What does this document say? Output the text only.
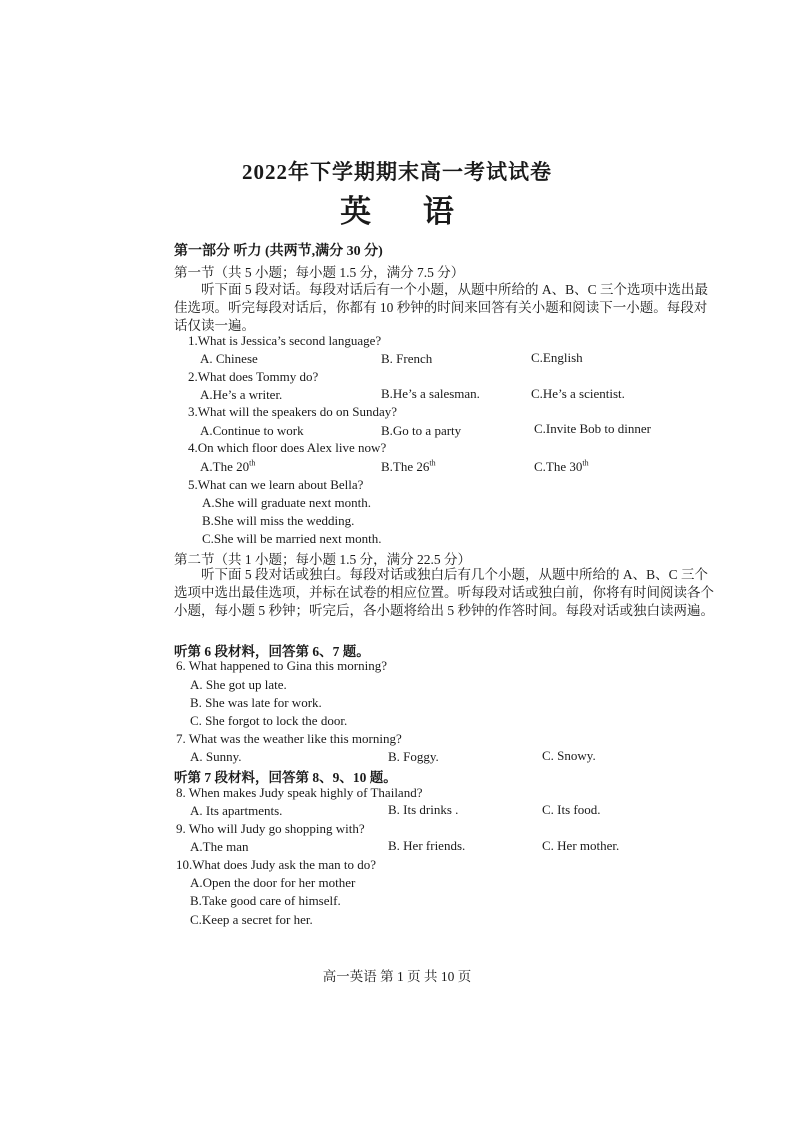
2022年下学期期末高一考试试卷
英 语
第一部分 听力 (共两节,满分 30 分)
第一节（共 5 小题；每小题 1.5 分，满分 7.5 分）
听下面 5 段对话。每段对话后有一个小题，从题中所给的 A、B、C 三个选项中选出最佳选项。听完每段对话后，你都有 10 秒钟的时间来回答有关小题和阅读下一小题。每段对话仅读一遍。
1.What is Jessica’s second language?
A. Chinese	B. French	C.English
2.What does Tommy do?
A.He’s a writer.	B.He’s a salesman.	C.He’s a scientist.
3.What will the speakers do on Sunday?
A.Continue to work	B.Go to a party	C.Invite Bob to dinner
4.On which floor does Alex live now?
A.The 20th	B.The 26th	C.The 30th
5.What can we learn about Bella?
A.She will graduate next month.
B.She will miss the wedding.
C.She will be married next month.
第二节（共 1 小题；每小题 1.5 分，满分 22.5 分）
听下面 5 段对话或独白。每段对话或独白后有几个小题，从题中所给的 A、B、C 三个选项中选出最佳选项，并标在试卷的相应位置。听每段对话或独白前，你将有时间阅读各个小题，每小题 5 秒钟；听完后，各小题将给出 5 秒钟的作答时间。每段对话或独白读两遍。
听第 6 段材料，回答第 6、7 题。
6. What happened to Gina this morning?
A. She got up late.
B. She was late for work.
C. She forgot to lock the door.
7. What was the weather like this morning?
A. Sunny.	B. Foggy.	C. Snowy.
听第 7 段材料，回答第 8、9、10 题。
8. When makes Judy speak highly of Thailand?
A. Its apartments.	B. Its drinks .	C. Its food.
9. Who will Judy go shopping with?
A.The man	B. Her friends.	C. Her mother.
10.What does Judy ask the man to do?
A.Open the door for her mother
B.Take good care of himself.
C.Keep a secret for her.
高一英语 第 1 页 共 10 页
